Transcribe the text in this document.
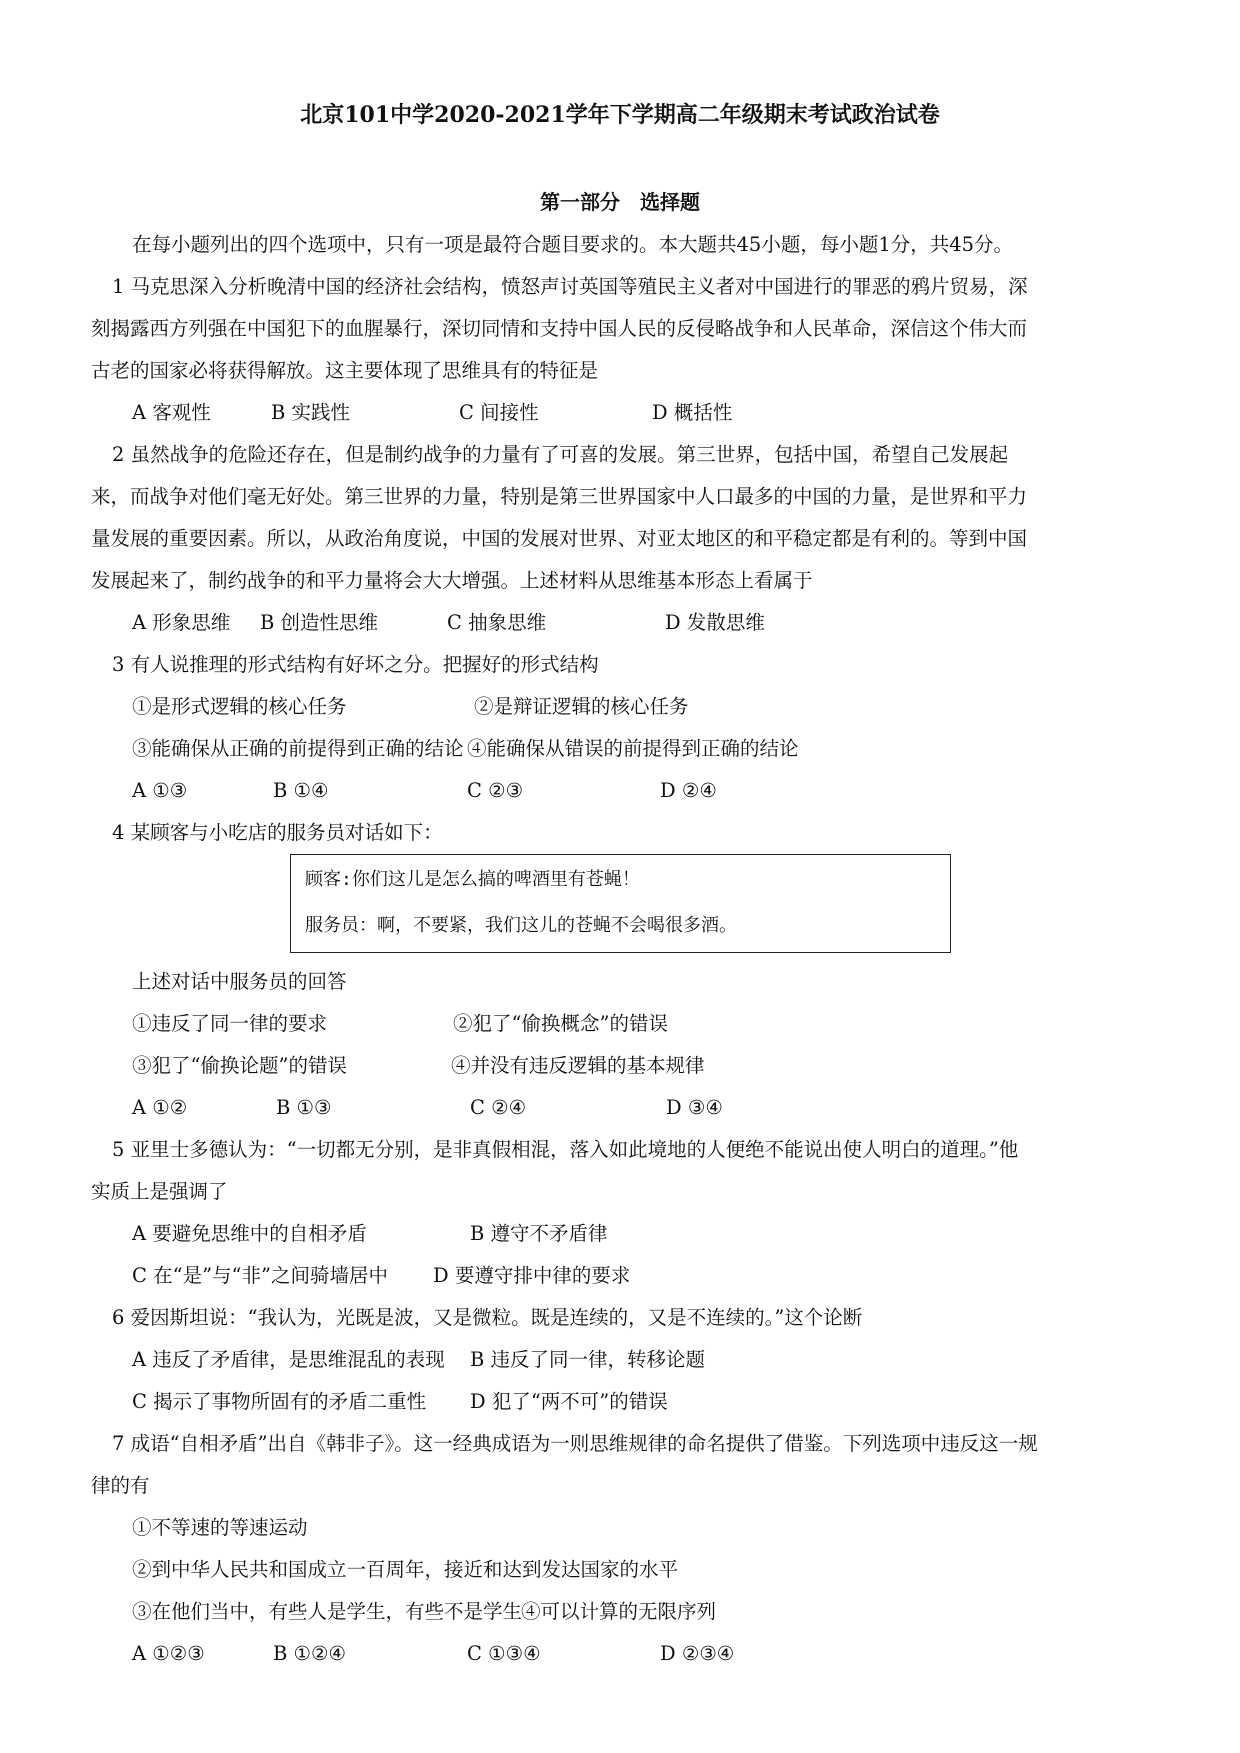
北京101中学2020-2021学年下学期高二年级期末考试政治试卷
第一部分　选择题
在每小题列出的四个选项中，只有一项是最符合题目要求的。本大题共45小题，每小题1分，共45分。
1 马克思深入分析晚清中国的经济社会结构，愤怒声讨英国等殖民主义者对中国进行的罪恶的鸦片贸易，深
刻揭露西方列强在中国犯下的血腥暴行，深切同情和支持中国人民的反侵略战争和人民革命，深信这个伟大而
古老的国家必将获得解放。这主要体现了思维具有的特征是
A 客观性	B 实践性	C 间接性	D 概括性
2 虽然战争的危险还存在，但是制约战争的力量有了可喜的发展。第三世界，包括中国，希望自己发展起
来，而战争对他们毫无好处。第三世界的力量，特别是第三世界国家中人口最多的中国的力量，是世界和平力
量发展的重要因素。所以，从政治角度说，中国的发展对世界、对亚太地区的和平稳定都是有利的。等到中国
发展起来了，制约战争的和平力量将会大大增强。上述材料从思维基本形态上看属于
A 形象思维 B 创造性思维	C 抽象思维	D 发散思维
3 有人说推理的形式结构有好坏之分。把握好的形式结构
①是形式逻辑的核心任务	②是辩证逻辑的核心任务
③能确保从正确的前提得到正确的结论 ④能确保从错误的前提得到正确的结论
A ①③	B ①④	C ②③	D ②④
4 某顾客与小吃店的服务员对话如下：
顾客:你们这儿是怎么搞的啤酒里有苍蝇！
服务员：啊，不要紧，我们这儿的苍蝇不会喝很多酒。
上述对话中服务员的回答
①违反了同一律的要求	②犯了“偷换概念”的错误
③犯了“偷换论题”的错误	④并没有违反逻辑的基本规律
A ①②	B ①③	C ②④	D ③④
5 亚里士多德认为：“一切都无分别，是非真假相混，落入如此境地的人便绝不能说出使人明白的道理。”他
实质上是强调了
A 要避免思维中的自相矛盾	B 遵守不矛盾律
C 在“是”与“非”之间骑墙居中 D 要遵守排中律的要求
6 爱因斯坦说：“我认为，光既是波，又是微粒。既是连续的，又是不连续的。”这个论断
A 违反了矛盾律，是思维混乱的表现 B 违反了同一律，转移论题
C 揭示了事物所固有的矛盾二重性 D 犯了“两不可”的错误
7 成语“自相矛盾”出自《韩非子》。这一经典成语为一则思维规律的命名提供了借鉴。下列选项中违反这一规
律的有
①不等速的等速运动
②到中华人民共和国成立一百周年，接近和达到发达国家的水平
③在他们当中，有些人是学生，有些不是学生
④可以计算的无限序列
A ①②③	B ①②④	C ①③④	D ②③④
